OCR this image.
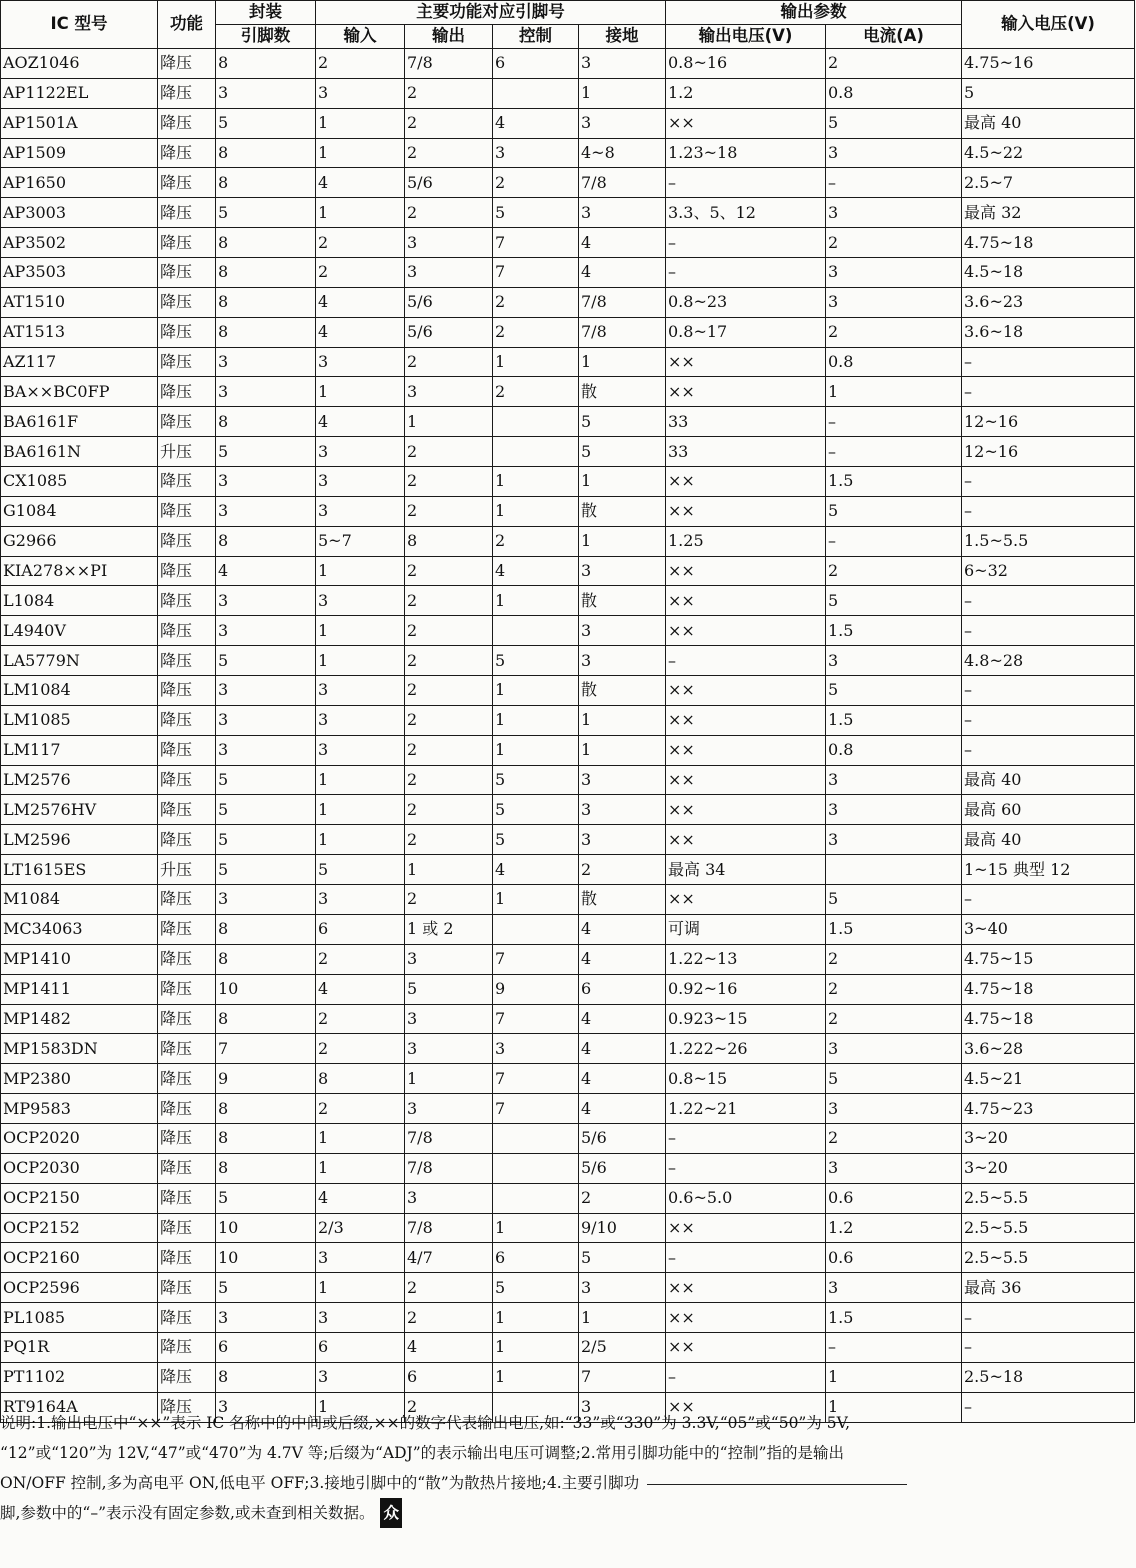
IC 型号	功能	封装	主要功能对应引脚号				输出参数		输入电压(V)
		引脚数	输入	输出	控制	接地	输出电压(V)	电流(A)	
AOZ1046	降压	8	2	7/8	6	3	0.8~16	2	4.75~16
AP1122EL	降压	3	3	2		1	1.2	0.8	5
AP1501A	降压	5	1	2	4	3	××	5	最高 40
AP1509	降压	8	1	2	3	4~8	1.23~18	3	4.5~22
AP1650	降压	8	4	5/6	2	7/8	–	–	2.5~7
AP3003	降压	5	1	2	5	3	3.3、5、12	3	最高 32
AP3502	降压	8	2	3	7	4	–	2	4.75~18
AP3503	降压	8	2	3	7	4	–	3	4.5~18
AT1510	降压	8	4	5/6	2	7/8	0.8~23	3	3.6~23
AT1513	降压	8	4	5/6	2	7/8	0.8~17	2	3.6~18
AZ117	降压	3	3	2	1	1	××	0.8	–
BA××BC0FP	降压	3	1	3	2	散	××	1	–
BA6161F	降压	8	4	1		5	33	–	12~16
BA6161N	升压	5	3	2		5	33	–	12~16
CX1085	降压	3	3	2	1	1	××	1.5	–
G1084	降压	3	3	2	1	散	××	5	–
G2966	降压	8	5~7	8	2	1	1.25	–	1.5~5.5
KIA278××PI	降压	4	1	2	4	3	××	2	6~32
L1084	降压	3	3	2	1	散	××	5	–
L4940V	降压	3	1	2		3	××	1.5	–
LA5779N	降压	5	1	2	5	3	–	3	4.8~28
LM1084	降压	3	3	2	1	散	××	5	–
LM1085	降压	3	3	2	1	1	××	1.5	–
LM117	降压	3	3	2	1	1	××	0.8	–
LM2576	降压	5	1	2	5	3	××	3	最高 40
LM2576HV	降压	5	1	2	5	3	××	3	最高 60
LM2596	降压	5	1	2	5	3	××	3	最高 40
LT1615ES	升压	5	5	1	4	2	最高 34		1~15 典型 12
M1084	降压	3	3	2	1	散	××	5	–
MC34063	降压	8	6	1 或 2		4	可调	1.5	3~40
MP1410	降压	8	2	3	7	4	1.22~13	2	4.75~15
MP1411	降压	10	4	5	9	6	0.92~16	2	4.75~18
MP1482	降压	8	2	3	7	4	0.923~15	2	4.75~18
MP1583DN	降压	7	2	3	3	4	1.222~26	3	3.6~28
MP2380	降压	9	8	1	7	4	0.8~15	5	4.5~21
MP9583	降压	8	2	3	7	4	1.22~21	3	4.75~23
OCP2020	降压	8	1	7/8		5/6	–	2	3~20
OCP2030	降压	8	1	7/8		5/6	–	3	3~20
OCP2150	降压	5	4	3		2	0.6~5.0	0.6	2.5~5.5
OCP2152	降压	10	2/3	7/8	1	9/10	××	1.2	2.5~5.5
OCP2160	降压	10	3	4/7	6	5	–	0.6	2.5~5.5
OCP2596	降压	5	1	2	5	3	××	3	最高 36
PL1085	降压	3	3	2	1	1	××	1.5	–
PQ1R	降压	6	6	4	1	2/5	××	–	–
PT1102	降压	8	3	6	1	7	–	1	2.5~18
RT9164A	降压	3	1	2		3	××	1	–
说明:1.输出电压中“××”表示 IC 名称中的中间或后缀,××的数字代表输出电压,如:“33”或“330”为 3.3V,“05”或“50”为 5V,
“12”或“120”为 12V,“47”或“470”为 4.7V 等;后缀为“ADJ”的表示输出电压可调整;2.常用引脚功能中的“控制”指的是输出
ON/OFF 控制,多为高电平 ON,低电平 OFF;3.接地引脚中的“散”为散热片接地;4.主要引脚功
脚,参数中的“–”表示没有固定参数,或未查到相关数据。 众
